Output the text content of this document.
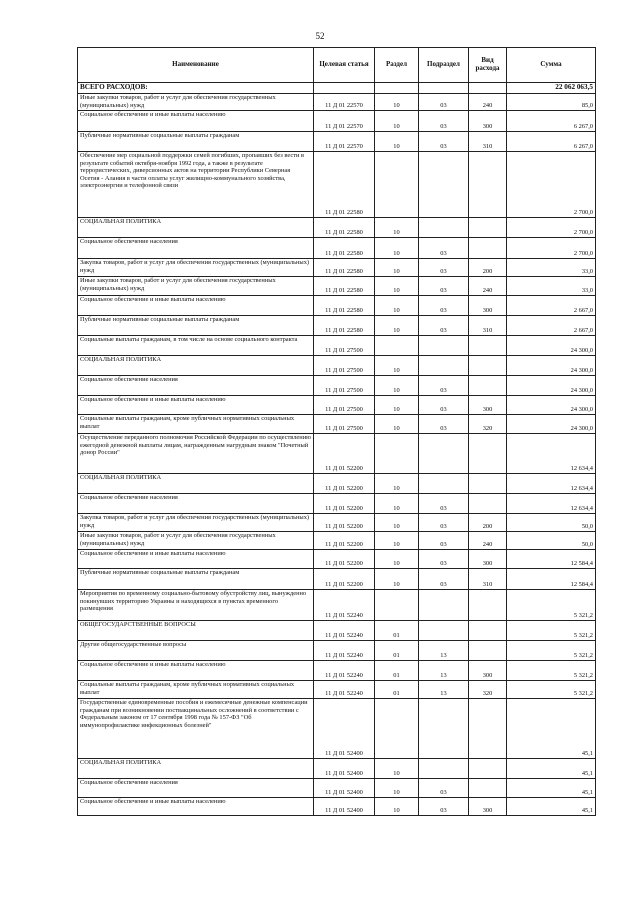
52
Наименование	Целевая статья	Раздел	Подраздел	Вид расхода	Сумма
ВСЕГО РАСХОДОВ:					22 062 063,5

Иные закупки товаров, работ и услуг для обеспечения государственных (муниципальных) нужд	11 Д 01 22570	10	03	240	85,0

Социальное обеспечение и иные выплаты населению	11 Д 01 22570	10	03	300	6 267,0

Публичные нормативные социальные выплаты гражданам	11 Д 01 22570	10	03	310	6 267,0

Обеспечение мер социальной поддержки семей погибших, пропавших без вести в результате событий октября-ноября 1992 года, а также в результате террористических, диверсионных актов на территории Республики Северная Осетия - Алания в части оплаты услуг жилищно-коммунального хозяйства, электроэнергии и телефонной связи	11 Д 01 22580				2 700,0

СОЦИАЛЬНАЯ ПОЛИТИКА	11 Д 01 22580	10			2 700,0

Социальное обеспечение населения	11 Д 01 22580	10	03		2 700,0

Закупка товаров, работ и услуг для обеспечения государственных (муниципальных) нужд	11 Д 01 22580	10	03	200	33,0

Иные закупки товаров, работ и услуг для обеспечения государственных (муниципальных) нужд	11 Д 01 22580	10	03	240	33,0

Социальное обеспечение и иные выплаты населению	11 Д 01 22580	10	03	300	2 667,0

Публичные нормативные социальные выплаты гражданам	11 Д 01 22580	10	03	310	2 667,0

Социальные выплаты гражданам, в том числе на основе социального контракта	11 Д 01 27500				24 300,0

СОЦИАЛЬНАЯ ПОЛИТИКА	11 Д 01 27500	10			24 300,0

Социальное обеспечение населения	11 Д 01 27500	10	03		24 300,0

Социальное обеспечение и иные выплаты населению	11 Д 01 27500	10	03	300	24 300,0

Социальные выплаты гражданам, кроме публичных нормативных социальных выплат	11 Д 01 27500	10	03	320	24 300,0

Осуществление переданного полномочия Российской Федерации по осуществлению ежегодной денежной выплаты лицам, награжденным нагрудным знаком "Почетный донор России"	11 Д 01 52200				12 634,4

СОЦИАЛЬНАЯ ПОЛИТИКА	11 Д 01 52200	10			12 634,4

Социальное обеспечение населения	11 Д 01 52200	10	03		12 634,4

Закупка товаров, работ и услуг для обеспечения государственных (муниципальных) нужд	11 Д 01 52200	10	03	200	50,0

Иные закупки товаров, работ и услуг для обеспечения государственных (муниципальных) нужд	11 Д 01 52200	10	03	240	50,0

Социальное обеспечение и иные выплаты населению	11 Д 01 52200	10	03	300	12 584,4

Публичные нормативные социальные выплаты гражданам	11 Д 01 52200	10	03	310	12 584,4

Мероприятия по временному социально-бытовому обустройству лиц, вынужденно покинувших территорию Украины и находящихся в пунктах временного размещения	11 Д 01 52240				5 321,2

ОБЩЕГОСУДАРСТВЕННЫЕ ВОПРОСЫ	11 Д 01 52240	01			5 321,2

Другие общегосударственные вопросы	11 Д 01 52240	01	13		5 321,2

Социальное обеспечение и иные выплаты населению	11 Д 01 52240	01	13	300	5 321,2

Социальные выплаты гражданам, кроме публичных нормативных социальных выплат	11 Д 01 52240	01	13	320	5 321,2

Государственные единовременные пособия и ежемесячные денежные компенсации гражданам при возникновении поствакцинальных осложнений в соответствии с Федеральным законом от 17 сентября 1998 года № 157-ФЗ "Об иммунопрофилактике инфекционных болезней"	11 Д 01 52400				45,1

СОЦИАЛЬНАЯ ПОЛИТИКА	11 Д 01 52400	10			45,1

Социальное обеспечение населения	11 Д 01 52400	10	03		45,1

Социальное обеспечение и иные выплаты населению	11 Д 01 52400	10	03	300	45,1
